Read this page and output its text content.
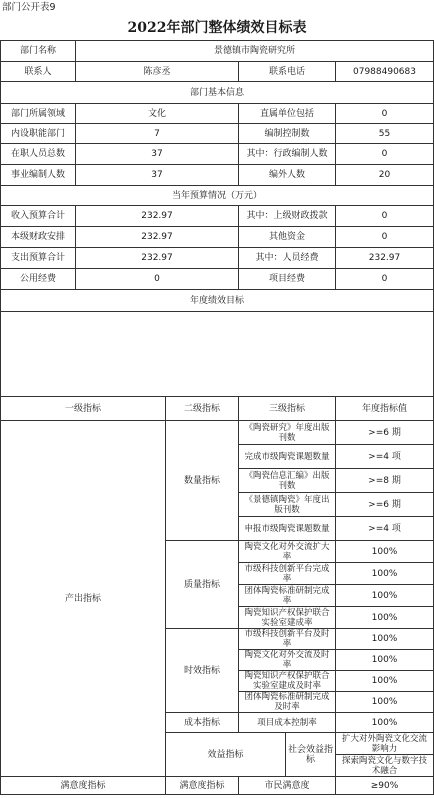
部门公开表9
2022年部门整体绩效目标表
部门名称	景德镇市陶瓷研究所					
联系人	陈彦丞		联系电话		07988490683	
部门基本信息						
部门所属领域	文化		直属单位包括		0	
内设职能部门	7		编制控制数		55	
在职人员总数	37		其中：行政编制人数		0	
事业编制人数	37		编外人数		20	
当年预算情况（万元）						
收入预算合计	232.97		其中：上级财政拨款		0	
本级财政安排	232.97		其他资金		0	
支出预算合计	232.97		其中：人员经费		232.97	
公用经费	0		项目经费		0	
年度绩效目标						

一级指标		二级指标	三级指标		年度指标值	
产出指标		数量指标	《陶瓷研究》年度出版刊数		>=6 期	
			完成市级陶瓷课题数量		>=4 项	
			《陶瓷信息汇编》出版刊数		>=8 期	
			《景德镇陶瓷》年度出版刊数		>=6 期	
			申报市级陶瓷课题数量		>=4 项	
		质量指标	陶瓷文化对外交流扩大率		100%	
			市级科技创新平台完成率		100%	
			团体陶瓷标准研制完成率		100%	
			陶瓷知识产权保护联合实验室建成率		100%	
		时效指标	市级科技创新平台及时率		100%	
			陶瓷文化对外交流及时率		100%	
			陶瓷知识产权保护联合实验室建成及时率		100%	
			团体陶瓷标准研制完成及时率		100%	
		成本指标	项目成本控制率		100%	
		效益指标		社会效益指标	扩大对外陶瓷文化交流影响力	
					探索陶瓷文化与数字技术融合	
满意度指标		满意度指标	市民满意度		≥90%	
